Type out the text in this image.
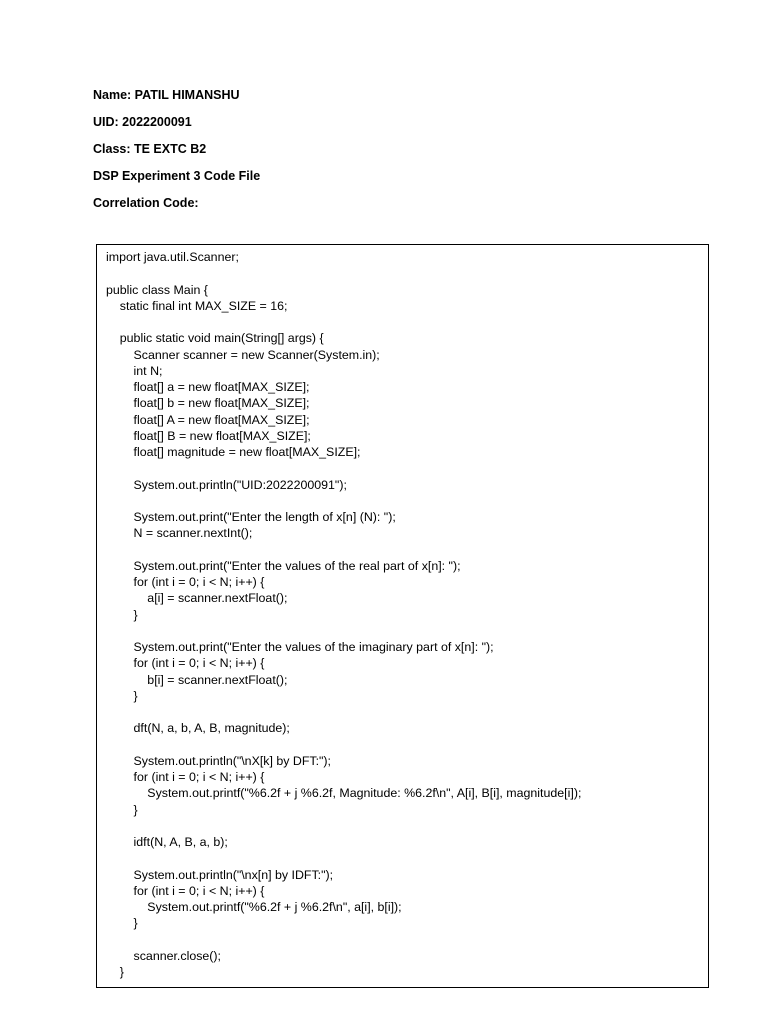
Name: PATIL HIMANSHU
UID: 2022200091
Class: TE EXTC B2
DSP Experiment 3 Code File
Correlation Code:
import java.util.Scanner;
public class Main {
static final int MAX_SIZE = 16;
public static void main(String[] args) {
Scanner scanner = new Scanner(System.in);
int N;
float[] a = new float[MAX_SIZE];
float[] b = new float[MAX_SIZE];
float[] A = new float[MAX_SIZE];
float[] B = new float[MAX_SIZE];
float[] magnitude = new float[MAX_SIZE];
System.out.println("UID:2022200091");
System.out.print("Enter the length of x[n] (N): ");
N = scanner.nextInt();
System.out.print("Enter the values of the real part of x[n]: ");
for (int i = 0; i < N; i++) {
a[i] = scanner.nextFloat();
}
System.out.print("Enter the values of the imaginary part of x[n]: ");
for (int i = 0; i < N; i++) {
b[i] = scanner.nextFloat();
}
dft(N, a, b, A, B, magnitude);
System.out.println("\nX[k] by DFT:");
for (int i = 0; i < N; i++) {
System.out.printf("%6.2f + j %6.2f, Magnitude: %6.2f\n", A[i], B[i], magnitude[i]);
}
idft(N, A, B, a, b);
System.out.println("\nx[n] by IDFT:");
for (int i = 0; i < N; i++) {
System.out.printf("%6.2f + j %6.2f\n", a[i], b[i]);
}
scanner.close();
}
